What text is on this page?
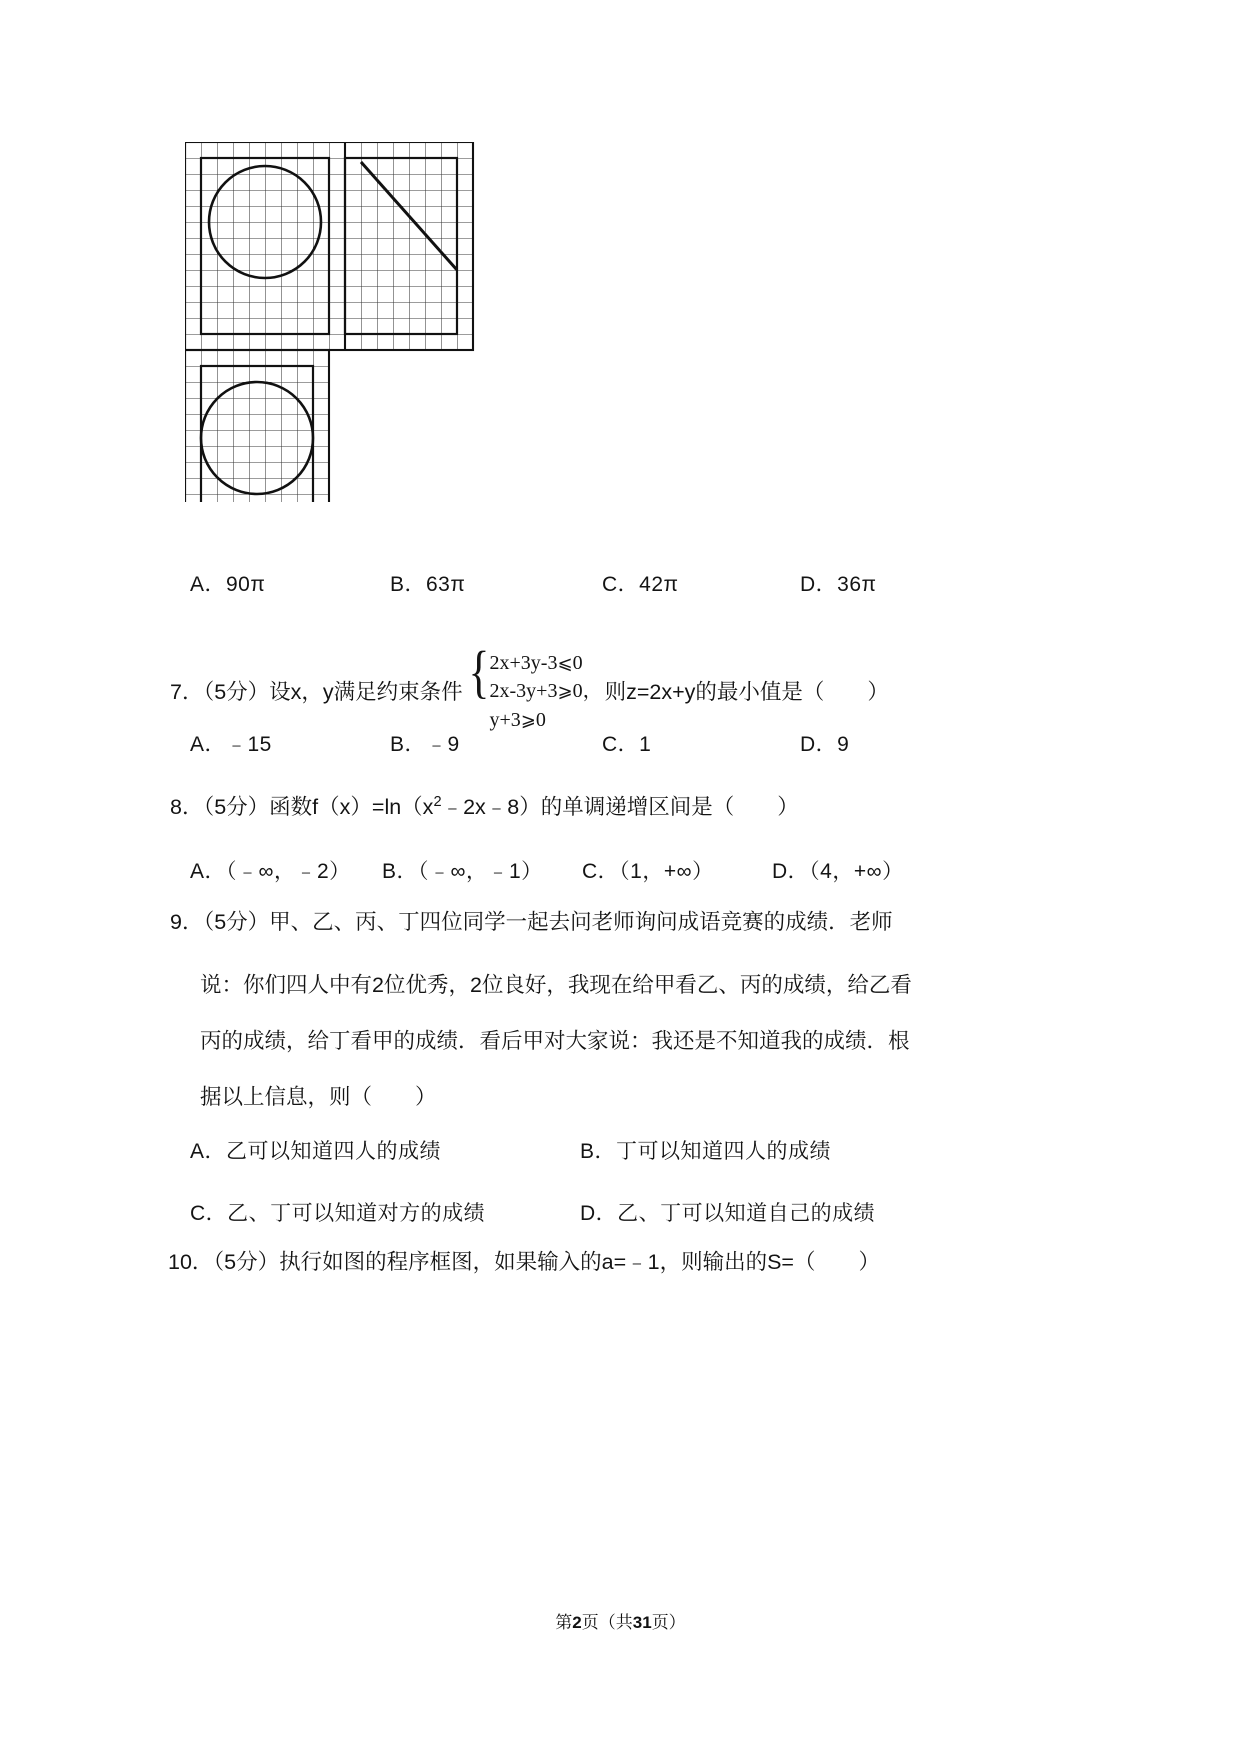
A．90π	B．63π	C．42π	D．36π
7．（5分）设x，y满足约束条件 { 2x+3y-3⩽0
2x-3y+3⩾0，
y+3⩾0
则z=2x+y的最小值是（　　）
A．﹣15	B．﹣9	C．1	D．9
8．（5分）函数$f(x)=\ln(x^2﹣2x﹣8)$的单调递增区间是（　　）
A．（﹣∞，﹣2）	B．（﹣∞，﹣1）	C．（1，+∞）	D．（4，+∞）
9．（5分）甲、乙、丙、丁四位同学一起去问老师询问成语竞赛的成绩．老师
说：你们四人中有2位优秀，2位良好，我现在给甲看乙、丙的成绩，给乙看
丙的成绩，给丁看甲的成绩．看后甲对大家说：我还是不知道我的成绩．根
据以上信息，则（　　）
A．乙可以知道四人的成绩	B．丁可以知道四人的成绩
C．乙、丁可以知道对方的成绩	D．乙、丁可以知道自己的成绩
10．（5分）执行如图的程序框图，如果输入的a=﹣1，则输出的S=（　　）
第2页（共31页）
